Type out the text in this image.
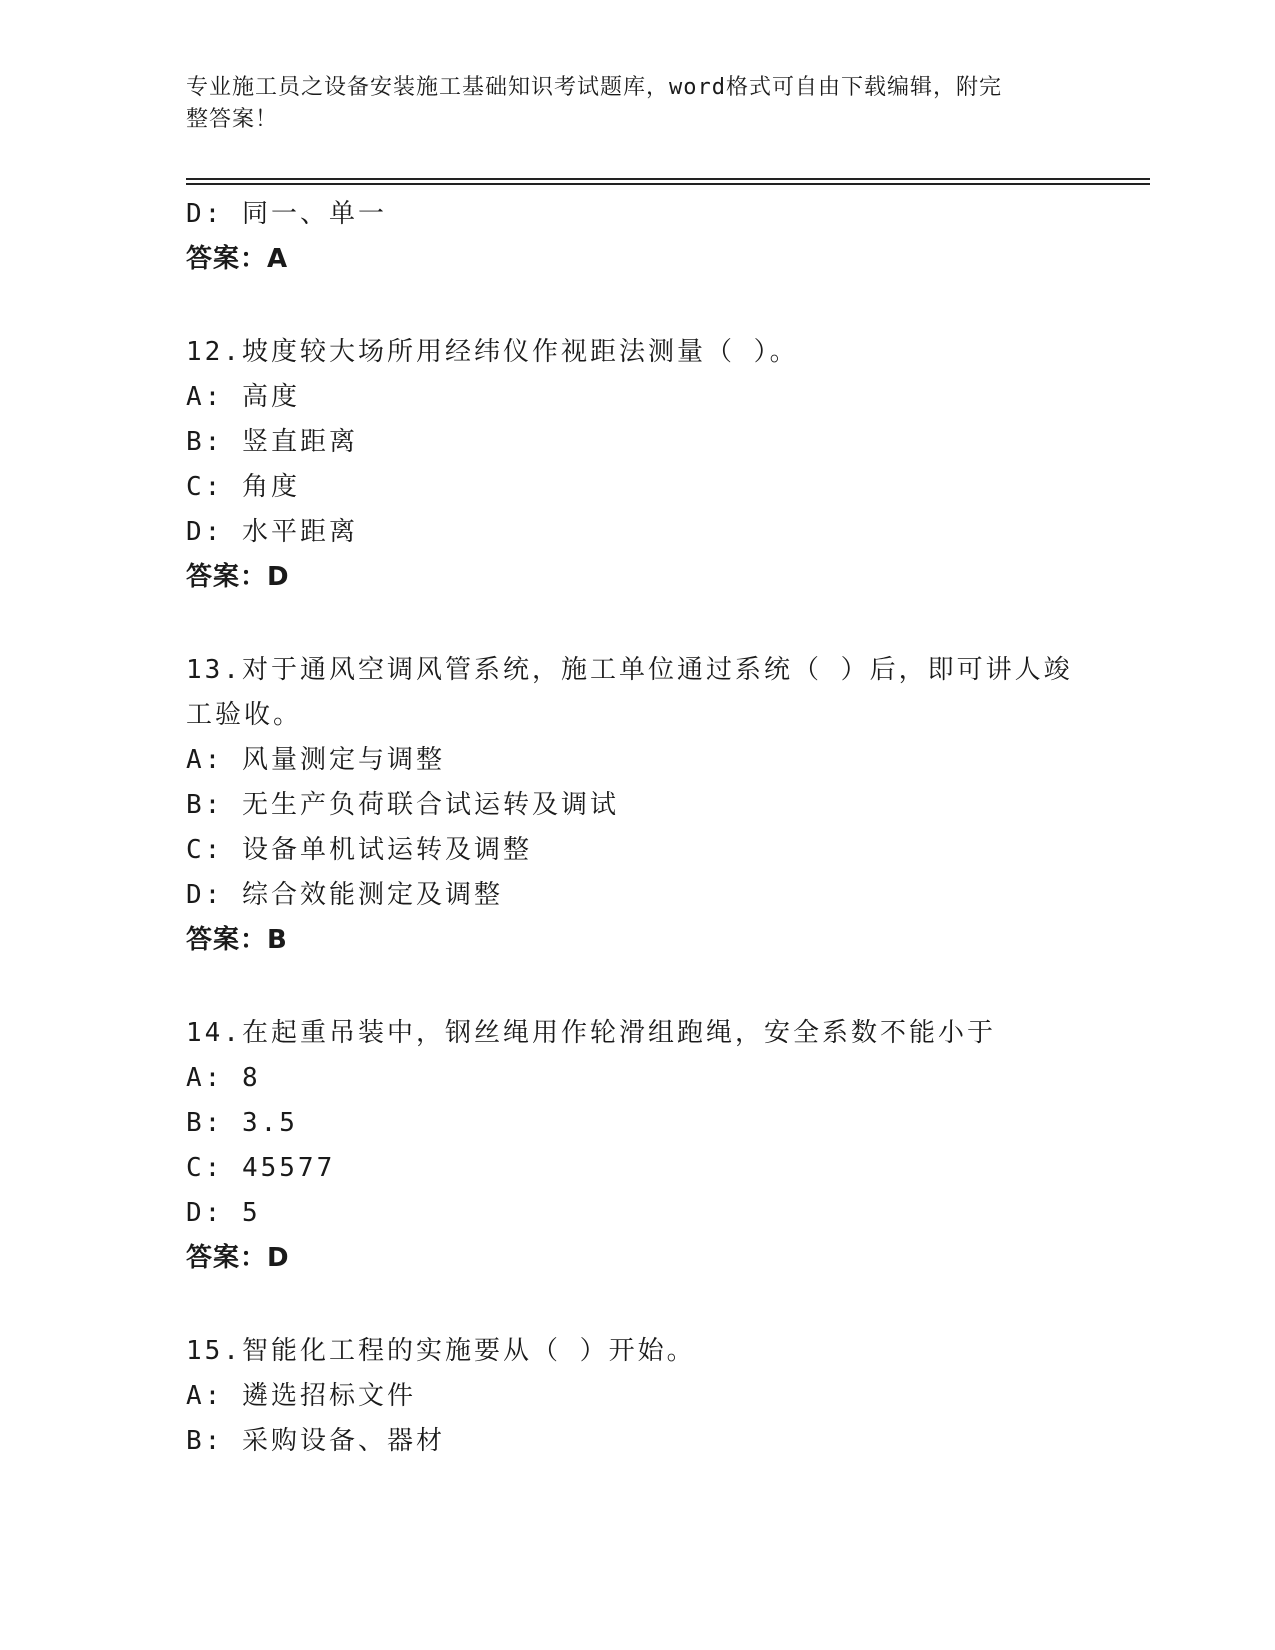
专业施工员之设备安装施工基础知识考试题库，word格式可自由下载编辑，附完
整答案！
D: 同一、单一
答案：A
12.坡度较大场所用经纬仪作视距法测量（ ）。
A: 高度
B: 竖直距离
C: 角度
D: 水平距离
答案：D
13.对于通风空调风管系统，施工单位通过系统（ ）后，即可讲人竣
工验收。
A: 风量测定与调整
B: 无生产负荷联合试运转及调试
C: 设备单机试运转及调整
D: 综合效能测定及调整
答案：B
14.在起重吊装中，钢丝绳用作轮滑组跑绳，安全系数不能小于
A: 8
B: 3.5
C: 45577
D: 5
答案：D
15.智能化工程的实施要从（ ）开始。
A: 遴选招标文件
B: 采购设备、器材
